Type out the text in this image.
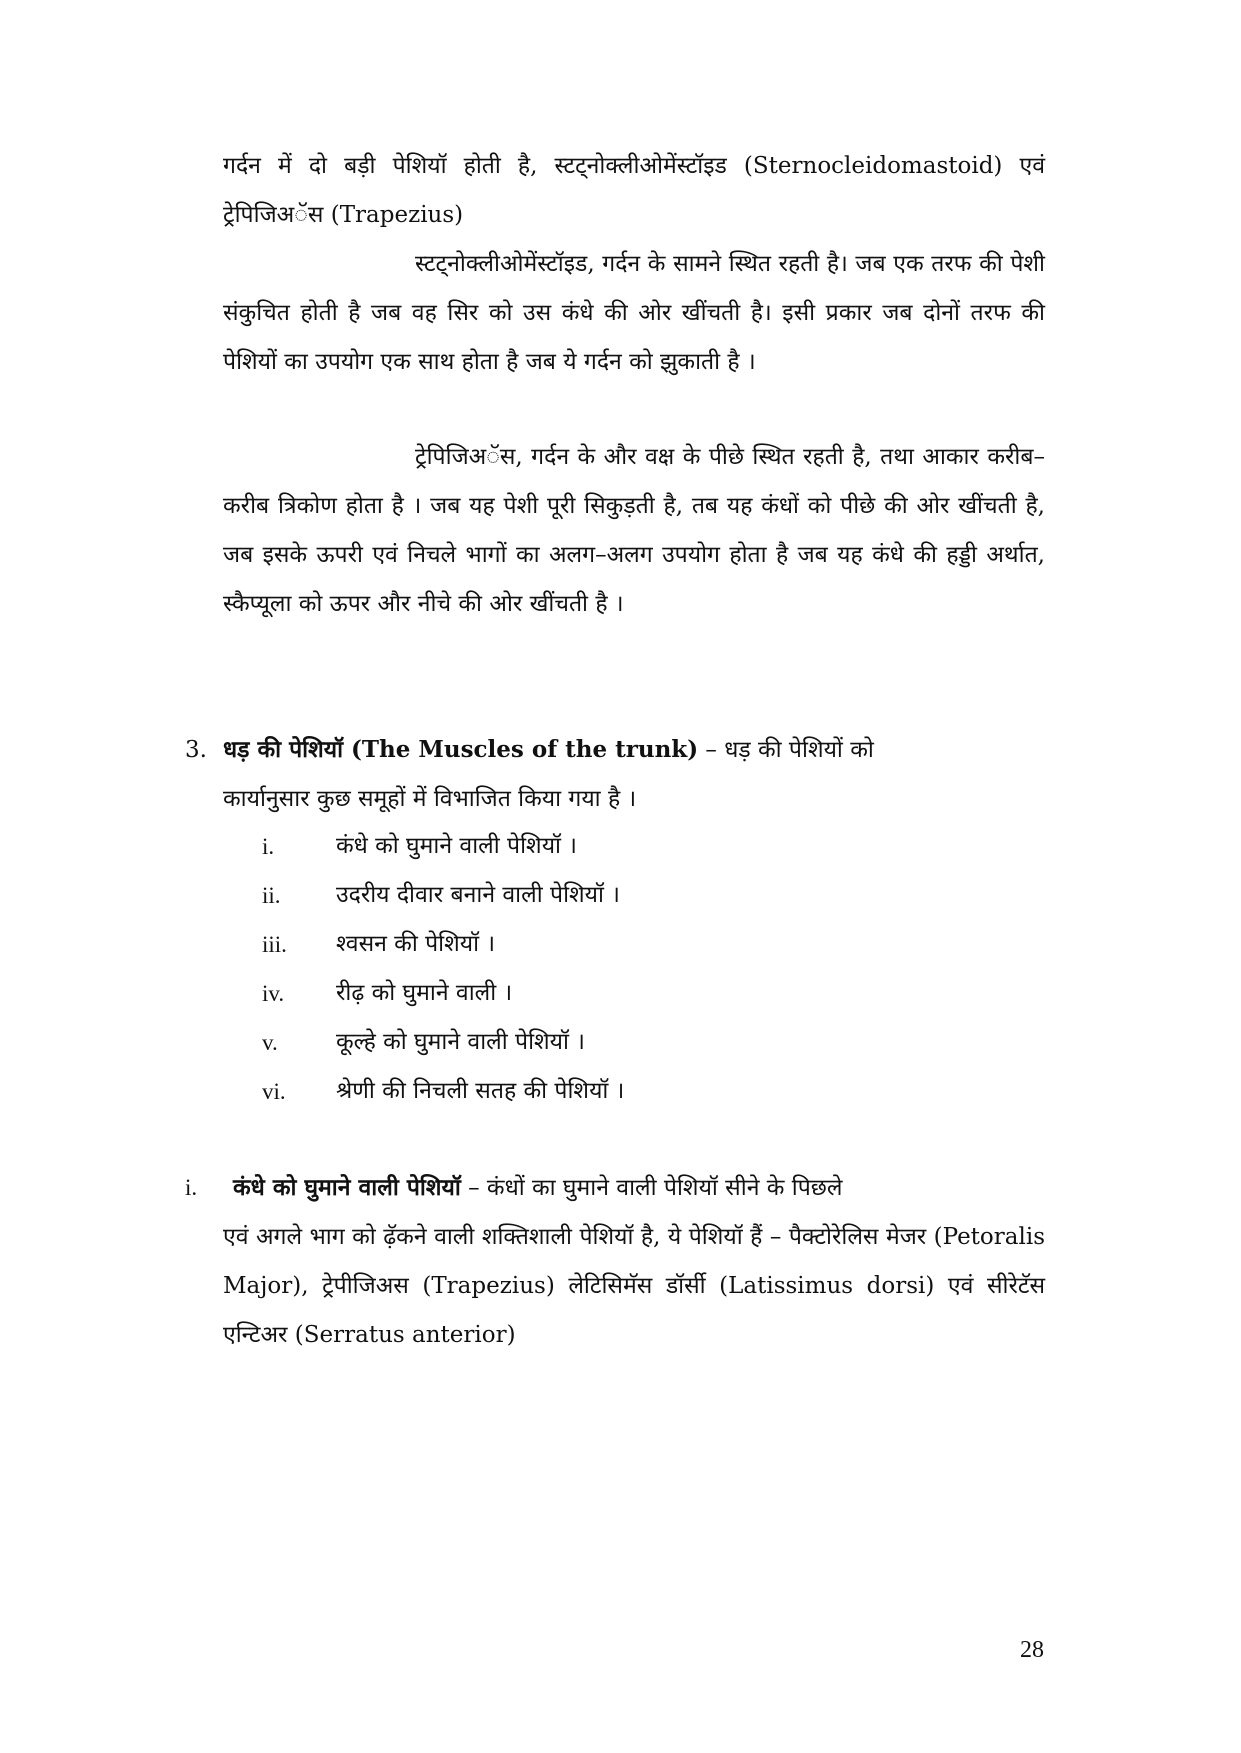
गर्दन में दो बड़ी पेशियॉ होती है, स्टट्नोक्लीओमेंस्टॉइड (Sternocleidomastoid) एवं ट्रेपिजिअॅस (Trapezius)

स्टट्नोक्लीओमेंस्टॉइड, गर्दन के सामने स्थित रहती है। जब एक तरफ की पेशी संकुचित होती है जब वह सिर को उस कंधे की ओर खींचती है। इसी प्रकार जब दोनों तरफ की पेशियों का उपयोग एक साथ होता है जब ये गर्दन को झुकाती है ।

ट्रेपिजिअॅस, गर्दन के और वक्ष के पीछे स्थित रहती है, तथा आकार करीब–करीब त्रिकोण होता है । जब यह पेशी पूरी सिकुड़ती है, तब यह कंधों को पीछे की ओर खींचती है, जब इसके ऊपरी एवं निचले भागों का अलग–अलग उपयोग होता है जब यह कंधे की हड्डी अर्थात, स्कैप्यूला को ऊपर और नीचे की ओर खींचती है ।

3. धड़ की पेशियॉ (The Muscles of the trunk) – धड़ की पेशियों को
कार्यानुसार कुछ समूहों में विभाजित किया गया है ।
i.	कंधे को घुमाने वाली पेशियॉ ।
ii.	उदरीय दीवार बनाने वाली पेशियॉ ।
iii.	श्वसन की पेशियॉ ।
iv.	रीढ़ को घुमाने वाली ।
v.	कूल्हे को घुमाने वाली पेशियॉ ।
vi.	श्रेणी की निचली सतह की पेशियॉ ।
i. कंधे को घुमाने वाली पेशियॉ – कंधों का घुमाने वाली पेशियॉ सीने के पिछले
एवं अगले भाग को ढ़ॅकने वाली शक्तिशाली पेशियॉ है, ये पेशियॉ हैं – पैक्टोरेलिस मेजर (Petoralis Major), ट्रेपीजिअस (Trapezius) लेटिसिमॅस डॉर्सी (Latissimus dorsi) एवं सीरेटॅस एन्टिअर (Serratus anterior)
28
